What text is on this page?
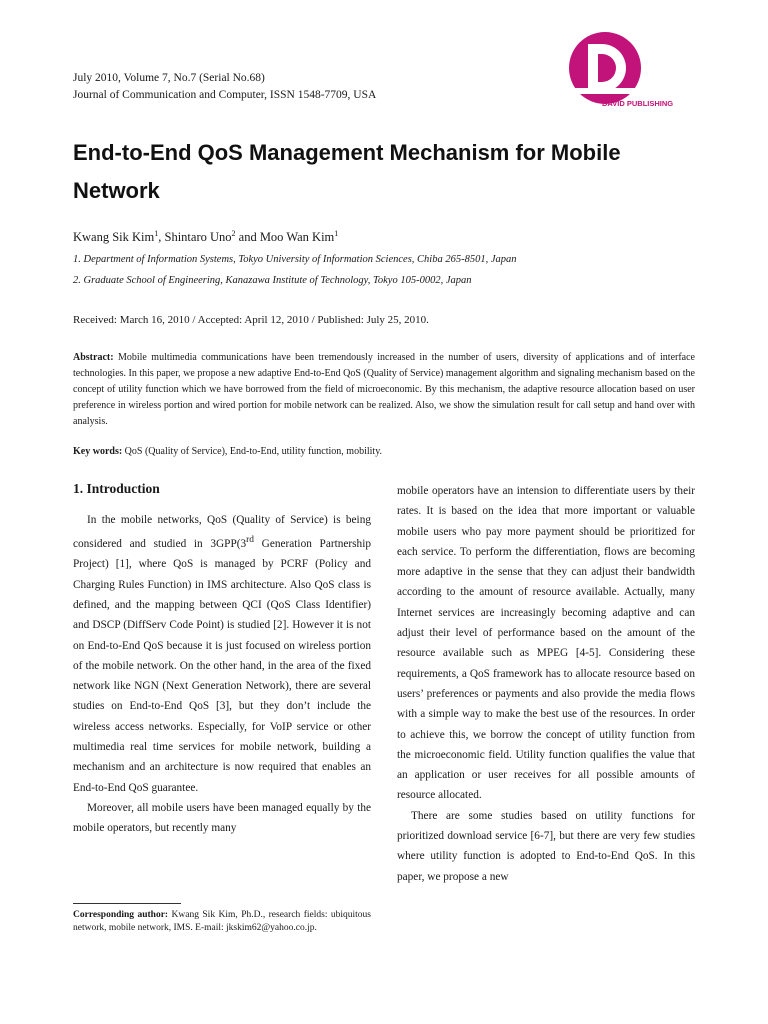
July 2010, Volume 7, No.7 (Serial No.68)
Journal of Communication and Computer, ISSN 1548-7709, USA
DAVID PUBLISHING
End-to-End QoS Management Mechanism for Mobile Network
Kwang Sik Kim$^1$, Shintaro Uno$^2$ and Moo Wan Kim$^1$
1. Department of Information Systems, Tokyo University of Information Sciences, Chiba 265-8501, Japan
2. Graduate School of Engineering, Kanazawa Institute of Technology, Tokyo 105-0002, Japan
Received: March 16, 2010 / Accepted: April 12, 2010 / Published: July 25, 2010.
Abstract: Mobile multimedia communications have been tremendously increased in the number of users, diversity of applications and of interface technologies. In this paper, we propose a new adaptive End-to-End QoS (Quality of Service) management algorithm and signaling mechanism based on the concept of utility function which we have borrowed from the field of microeconomic. By this mechanism, the adaptive resource allocation based on user preference in wireless portion and wired portion for mobile network can be realized. Also, we show the simulation result for call setup and hand over with analysis.
Key words: QoS (Quality of Service), End-to-End, utility function, mobility.
1. Introduction

In the mobile networks, QoS (Quality of Service) is being considered and studied in 3GPP(3rd Generation Partnership Project) [1], where QoS is managed by PCRF (Policy and Charging Rules Function) in IMS architecture. Also QoS class is defined, and the mapping between QCI (QoS Class Identifier) and DSCP (DiffServ Code Point) is studied [2]. However it is not on End-to-End QoS because it is just focused on wireless portion of the mobile network. On the other hand, in the area of the fixed network like NGN (Next Generation Network), there are several studies on End-to-End QoS [3], but they don’t include the wireless access networks. Especially, for VoIP service or other multimedia real time services for mobile network, building a mechanism and an architecture is now required that enables an End-to-End QoS guarantee.

Moreover, all mobile users have been managed equally by the mobile operators, but recently many

mobile operators have an intension to differentiate users by their rates. It is based on the idea that more important or valuable mobile users who pay more payment should be prioritized for each service. To perform the differentiation, flows are becoming more adaptive in the sense that they can adjust their bandwidth according to the amount of resource available. Actually, many Internet services are increasingly becoming adaptive and can adjust their level of performance based on the amount of the resource available such as MPEG [4-5]. Considering these requirements, a QoS framework has to allocate resource based on users’ preferences or payments and also provide the media flows with a simple way to make the best use of the resources. In order to achieve this, we borrow the concept of utility function from the microeconomic field. Utility function qualifies the value that an application or user receives for all possible amounts of resource allocated.

There are some studies based on utility functions for prioritized download service [6-7], but there are very few studies where utility function is adopted to End-to-End QoS. In this paper, we propose a new

Corresponding author: Kwang Sik Kim, Ph.D., research fields: ubiquitous network, mobile network, IMS. E-mail: jkskim62@yahoo.co.jp.
